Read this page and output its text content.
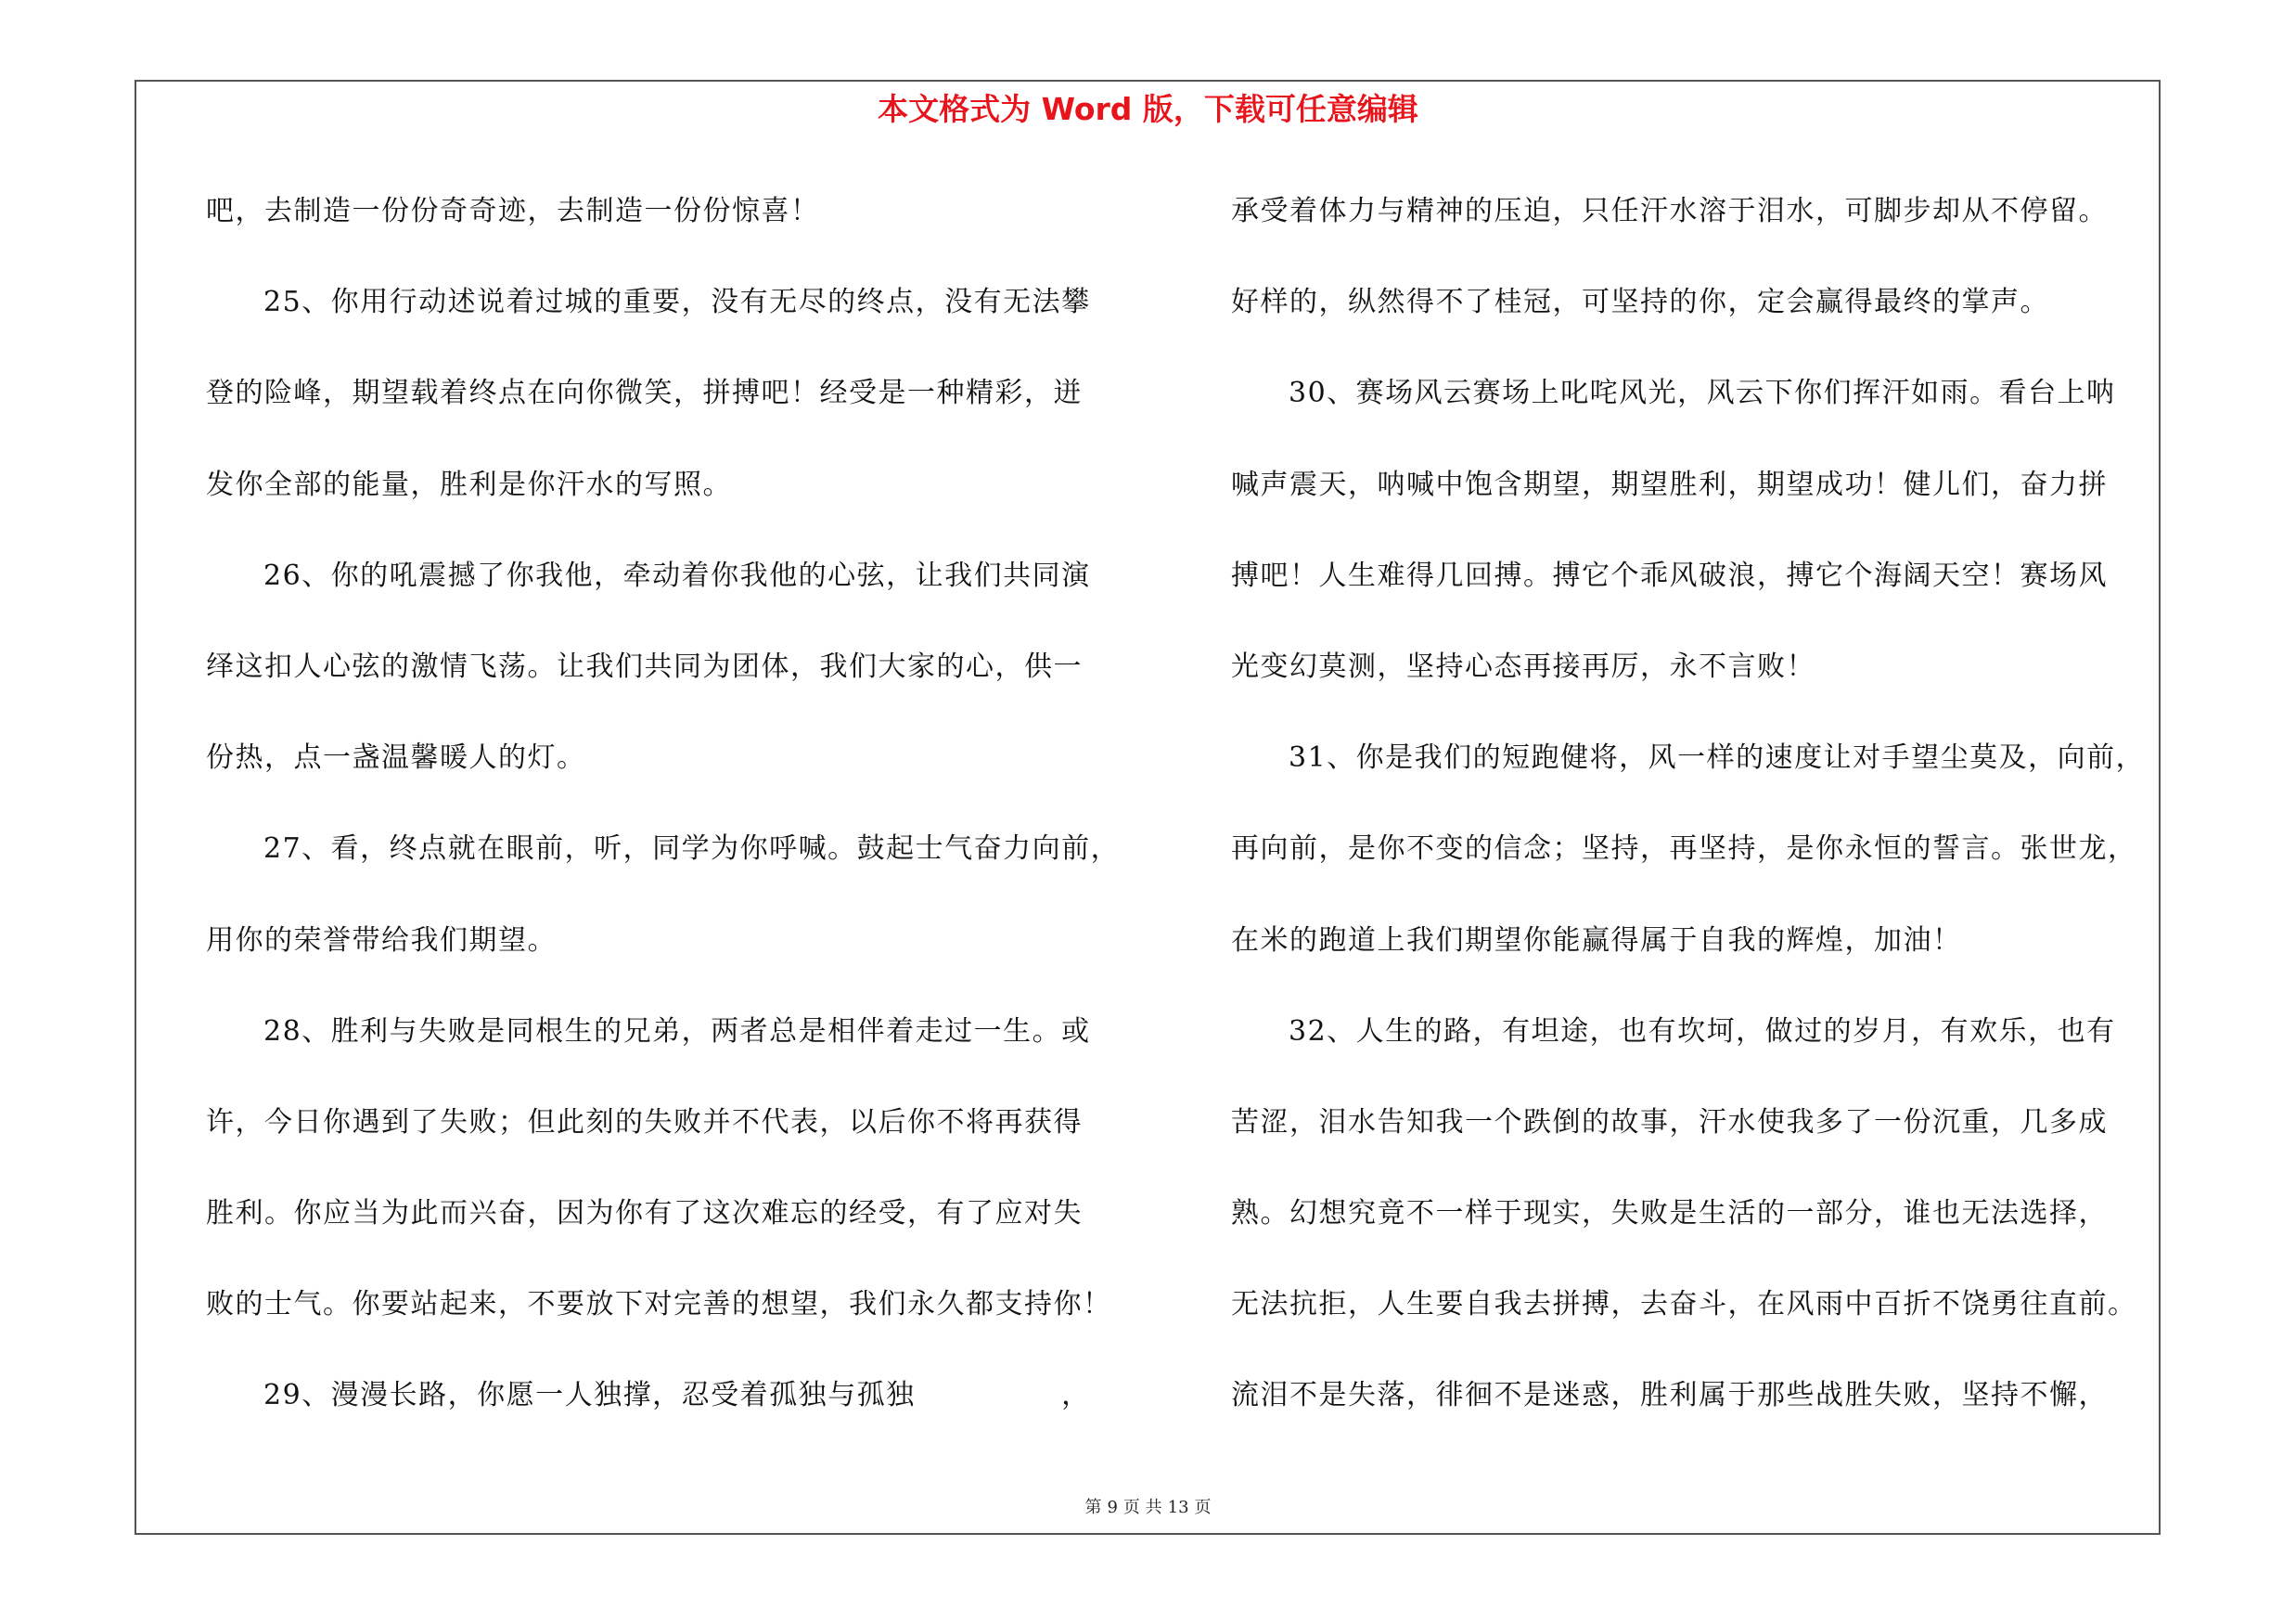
本文格式为 Word 版，下载可任意编辑
吧，去制造一份份奇奇迹，去制造一份份惊喜！
25、你用行动述说着过城的重要，没有无尽的终点，没有无法攀
登的险峰，期望载着终点在向你微笑，拼搏吧！经受是一种精彩，迸
发你全部的能量，胜利是你汗水的写照。
26、你的吼震撼了你我他，牵动着你我他的心弦，让我们共同演
绎这扣人心弦的激情飞荡。让我们共同为团体，我们大家的心，供一
份热，点一盏温馨暖人的灯。
27、看，终点就在眼前，听，同学为你呼喊。鼓起士气奋力向前，
用你的荣誉带给我们期望。
28、胜利与失败是同根生的兄弟，两者总是相伴着走过一生。或
许，今日你遇到了失败；但此刻的失败并不代表，以后你不将再获得
胜利。你应当为此而兴奋，因为你有了这次难忘的经受，有了应对失
败的士气。你要站起来，不要放下对完善的想望，我们永久都支持你！
29、漫漫长路，你愿一人独撑，忍受着孤独与孤独　　　　　，
承受着体力与精神的压迫，只任汗水溶于泪水，可脚步却从不停留。
好样的，纵然得不了桂冠，可坚持的你，定会赢得最终的掌声。
30、赛场风云赛场上叱咤风光，风云下你们挥汗如雨。看台上呐
喊声震天，呐喊中饱含期望，期望胜利，期望成功！健儿们，奋力拼
搏吧！人生难得几回搏。搏它个乖风破浪，搏它个海阔天空！赛场风
光变幻莫测，坚持心态再接再厉，永不言败！
31、你是我们的短跑健将，风一样的速度让对手望尘莫及，向前，
再向前，是你不变的信念；坚持，再坚持，是你永恒的誓言。张世龙，
在米的跑道上我们期望你能赢得属于自我的辉煌，加油！
32、人生的路，有坦途，也有坎坷，做过的岁月，有欢乐，也有
苦涩，泪水告知我一个跌倒的故事，汗水使我多了一份沉重，几多成
熟。幻想究竟不一样于现实，失败是生活的一部分，谁也无法选择，
无法抗拒，人生要自我去拼搏，去奋斗，在风雨中百折不饶勇往直前。
流泪不是失落，徘徊不是迷惑，胜利属于那些战胜失败，坚持不懈，
第 9 页 共 13 页
